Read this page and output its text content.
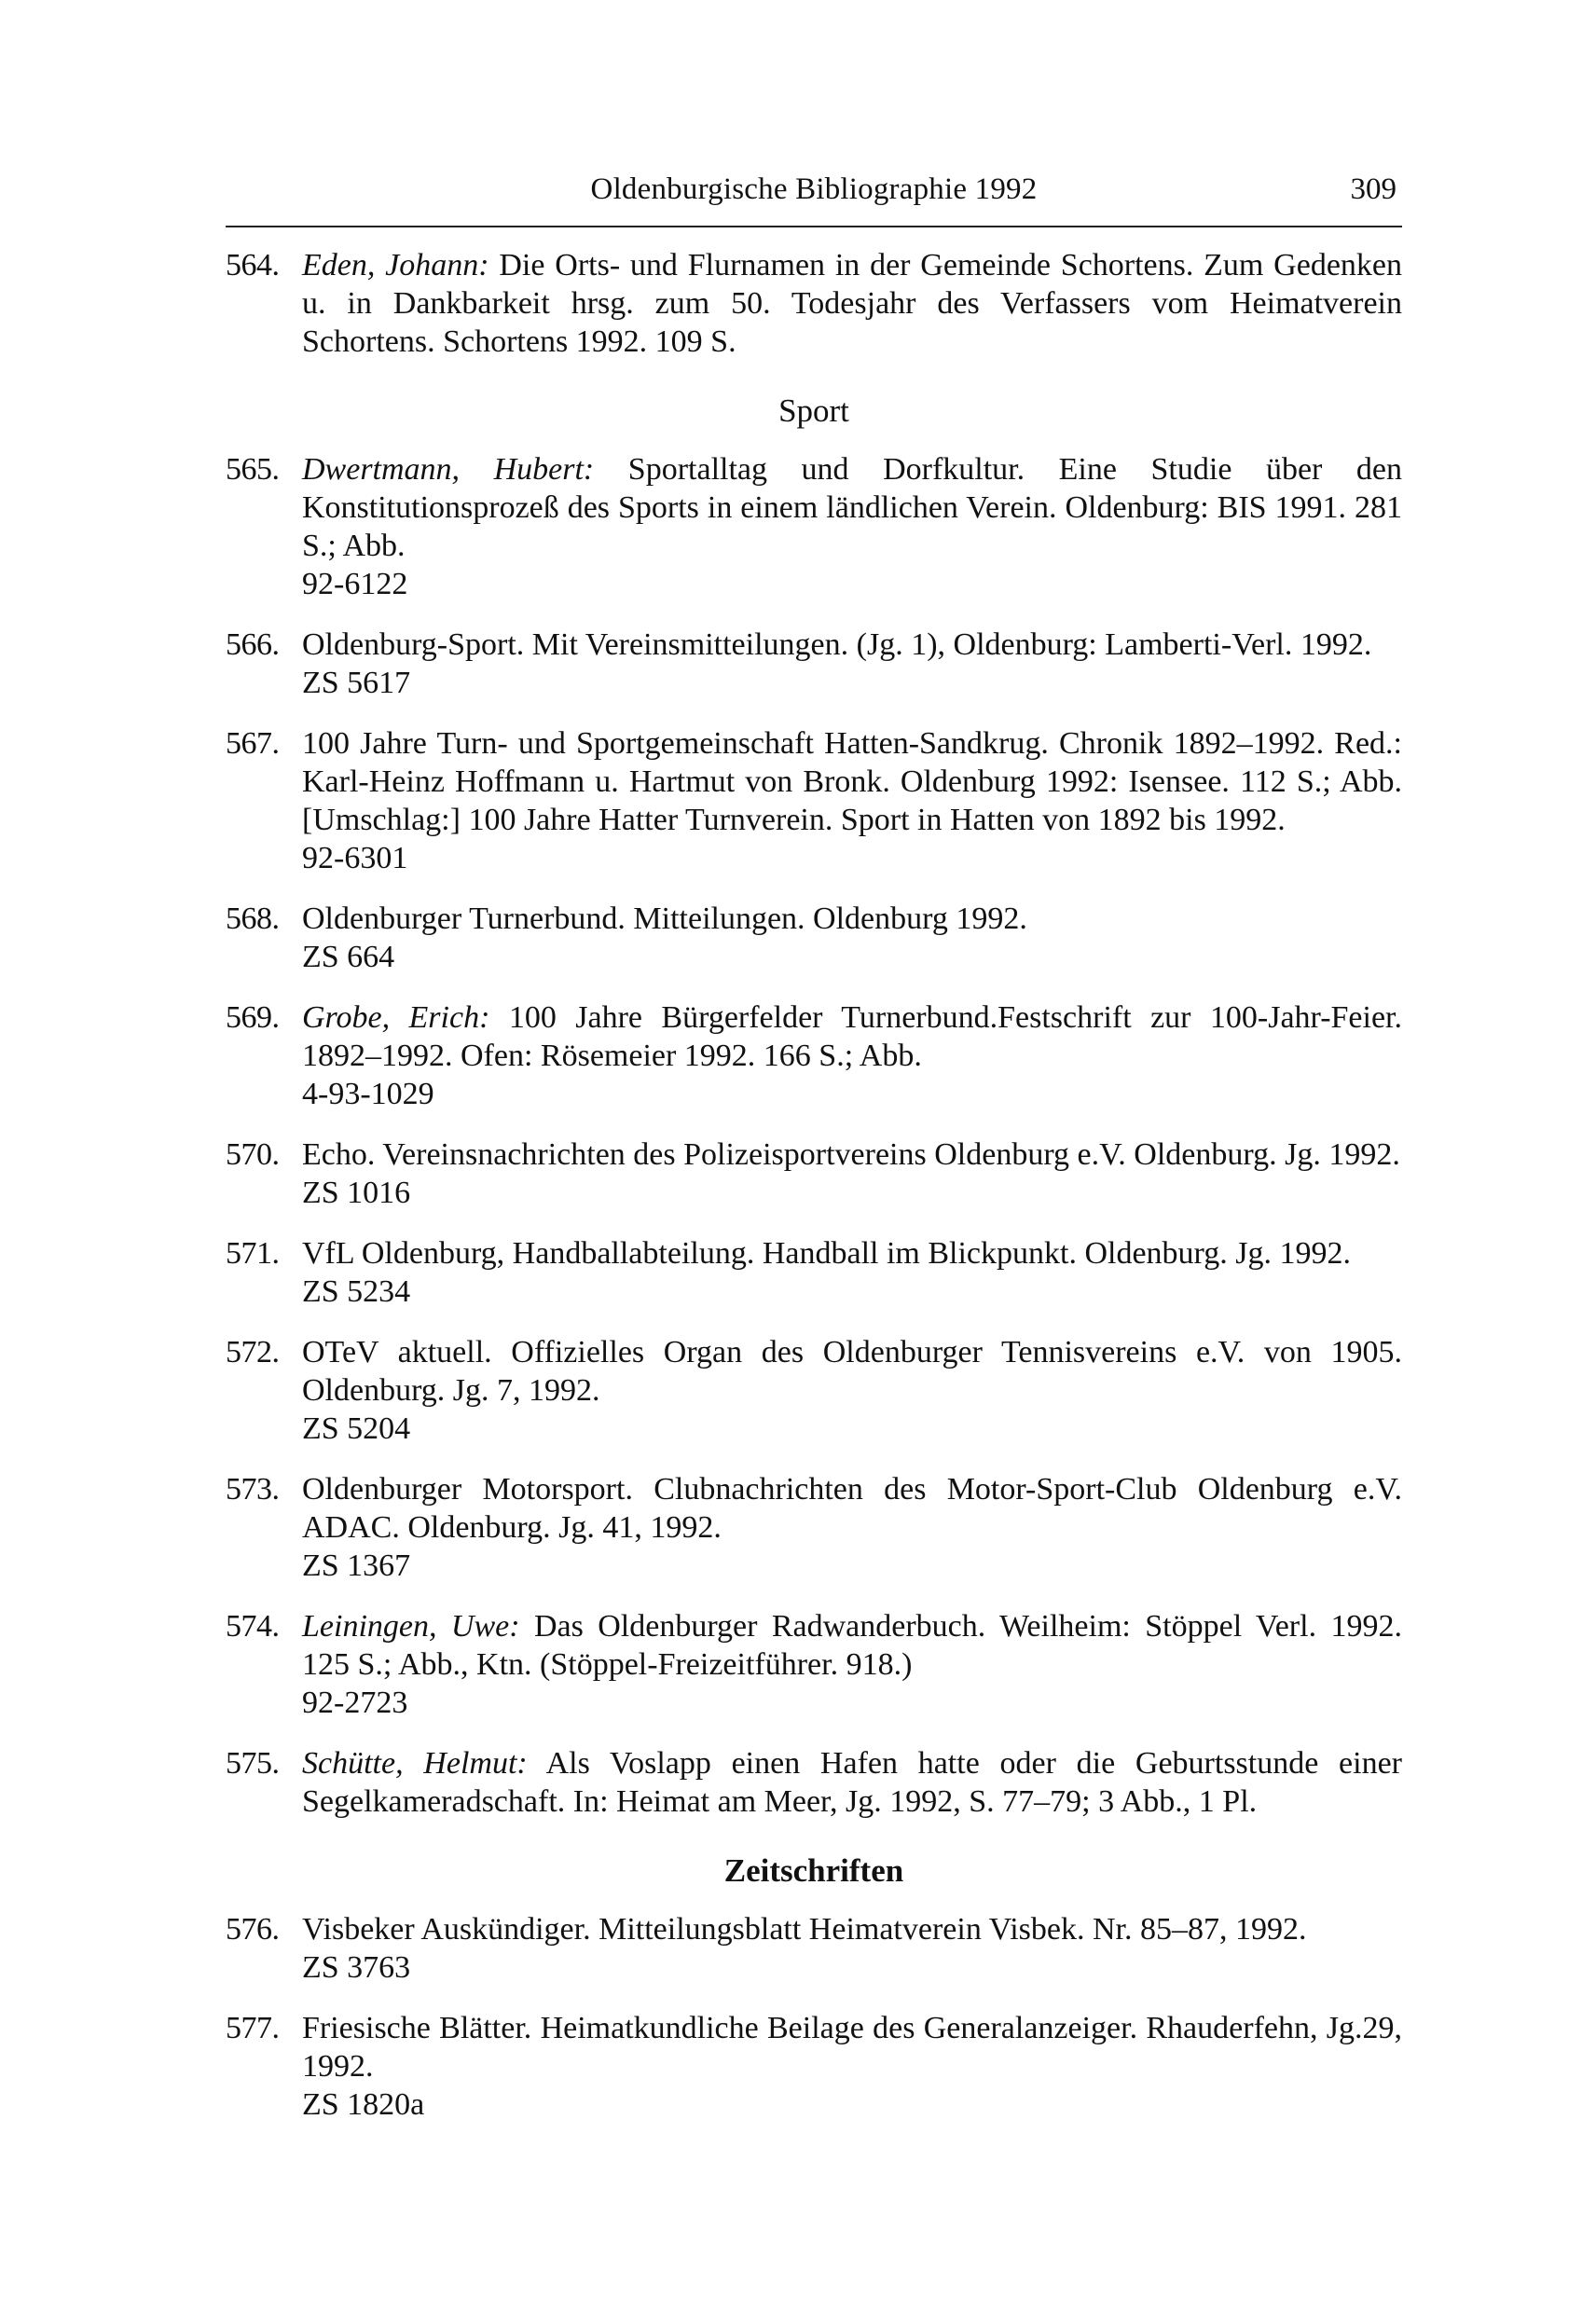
Oldenburgische Bibliographie 1992	309
564. Eden, Johann: Die Orts- und Flurnamen in der Gemeinde Schortens. Zum Gedenken u. in Dankbarkeit hrsg. zum 50. Todesjahr des Verfassers vom Heimatverein Schortens. Schortens 1992. 109 S.
Sport
565. Dwertmann, Hubert: Sportalltag und Dorfkultur. Eine Studie über den Konstitutionsprozeß des Sports in einem ländlichen Verein. Oldenburg: BIS 1991. 281 S.; Abb.
92-6122
566. Oldenburg-Sport. Mit Vereinsmitteilungen. (Jg. 1), Oldenburg: Lamberti-Verl. 1992.
ZS 5617
567. 100 Jahre Turn- und Sportgemeinschaft Hatten-Sandkrug. Chronik 1892–1992. Red.: Karl-Heinz Hoffmann u. Hartmut von Bronk. Oldenburg 1992: Isensee. 112 S.; Abb. [Umschlag:] 100 Jahre Hatter Turnverein. Sport in Hatten von 1892 bis 1992.
92-6301
568. Oldenburger Turnerbund. Mitteilungen. Oldenburg 1992.
ZS 664
569. Grobe, Erich: 100 Jahre Bürgerfelder Turnerbund.Festschrift zur 100-Jahr-Feier. 1892–1992. Ofen: Rösemeier 1992. 166 S.; Abb.
4-93-1029
570. Echo. Vereinsnachrichten des Polizeisportvereins Oldenburg e.V. Oldenburg. Jg. 1992.
ZS 1016
571. VfL Oldenburg, Handballabteilung. Handball im Blickpunkt. Oldenburg. Jg. 1992.
ZS 5234
572. OTeV aktuell. Offizielles Organ des Oldenburger Tennisvereins e.V. von 1905. Oldenburg. Jg. 7, 1992.
ZS 5204
573. Oldenburger Motorsport. Clubnachrichten des Motor-Sport-Club Oldenburg e.V. ADAC. Oldenburg. Jg. 41, 1992.
ZS 1367
574. Leiningen, Uwe: Das Oldenburger Radwanderbuch. Weilheim: Stöppel Verl. 1992. 125 S.; Abb., Ktn. (Stöppel-Freizeitführer. 918.)
92-2723
575. Schütte, Helmut: Als Voslapp einen Hafen hatte oder die Geburtsstunde einer Segelkameradschaft. In: Heimat am Meer, Jg. 1992, S. 77–79; 3 Abb., 1 Pl.
Zeitschriften
576. Visbeker Auskündiger. Mitteilungsblatt Heimatverein Visbek. Nr. 85–87, 1992.
ZS 3763
577. Friesische Blätter. Heimatkundliche Beilage des Generalanzeiger. Rhauderfehn, Jg.29, 1992.
ZS 1820a
